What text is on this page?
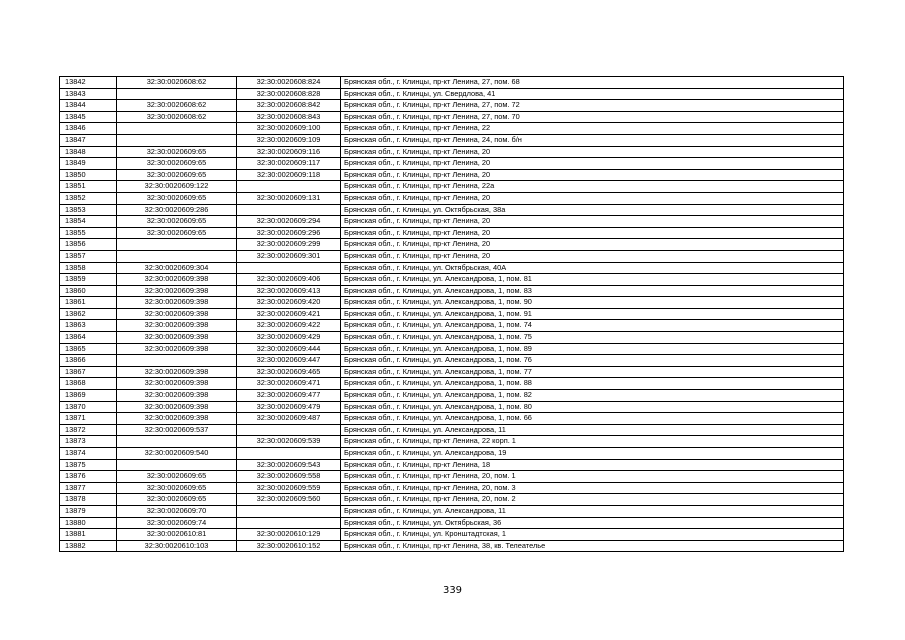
13842	32:30:0020608:62	32:30:0020608:824	Брянская обл., г. Клинцы, пр-кт Ленина, 27, пом. 68
13843		32:30:0020608:828	Брянская обл., г. Клинцы, ул. Свердлова, 41
13844	32:30:0020608:62	32:30:0020608:842	Брянская обл., г. Клинцы, пр-кт Ленина, 27, пом. 72
13845	32:30:0020608:62	32:30:0020608:843	Брянская обл., г. Клинцы, пр-кт Ленина, 27, пом. 70
13846		32:30:0020609:100	Брянская обл., г. Клинцы, пр-кт Ленина, 22
13847		32:30:0020609:109	Брянская обл., г. Клинцы, пр-кт Ленина, 24, пом. б/н
13848	32:30:0020609:65	32:30:0020609:116	Брянская обл., г. Клинцы, пр-кт Ленина, 20
13849	32:30:0020609:65	32:30:0020609:117	Брянская обл., г. Клинцы, пр-кт Ленина, 20
13850	32:30:0020609:65	32:30:0020609:118	Брянская обл., г. Клинцы, пр-кт Ленина, 20
13851	32:30:0020609:122		Брянская обл., г. Клинцы, пр-кт Ленина, 22а
13852	32:30:0020609:65	32:30:0020609:131	Брянская обл., г. Клинцы, пр-кт Ленина, 20
13853	32:30:0020609:286		Брянская обл., г. Клинцы, ул. Октябрьская, 38а
13854	32:30:0020609:65	32:30:0020609:294	Брянская обл., г. Клинцы, пр-кт Ленина, 20
13855	32:30:0020609:65	32:30:0020609:296	Брянская обл., г. Клинцы, пр-кт Ленина, 20
13856		32:30:0020609:299	Брянская обл., г. Клинцы, пр-кт Ленина, 20
13857		32:30:0020609:301	Брянская обл., г. Клинцы, пр-кт Ленина, 20
13858	32:30:0020609:304		Брянская обл., г. Клинцы, ул. Октябрьская, 40А
13859	32:30:0020609:398	32:30:0020609:406	Брянская обл., г. Клинцы, ул. Александрова, 1, пом. 81
13860	32:30:0020609:398	32:30:0020609:413	Брянская обл., г. Клинцы, ул. Александрова, 1, пом. 83
13861	32:30:0020609:398	32:30:0020609:420	Брянская обл., г. Клинцы, ул. Александрова, 1, пом. 90
13862	32:30:0020609:398	32:30:0020609:421	Брянская обл., г. Клинцы, ул. Александрова, 1, пом. 91
13863	32:30:0020609:398	32:30:0020609:422	Брянская обл., г. Клинцы, ул. Александрова, 1, пом. 74
13864	32:30:0020609:398	32:30:0020609:429	Брянская обл., г. Клинцы, ул. Александрова, 1, пом. 75
13865	32:30:0020609:398	32:30:0020609:444	Брянская обл., г. Клинцы, ул. Александрова, 1, пом. 89
13866		32:30:0020609:447	Брянская обл., г. Клинцы, ул. Александрова, 1, пом. 76
13867	32:30:0020609:398	32:30:0020609:465	Брянская обл., г. Клинцы, ул. Александрова, 1, пом. 77
13868	32:30:0020609:398	32:30:0020609:471	Брянская обл., г. Клинцы, ул. Александрова, 1, пом. 88
13869	32:30:0020609:398	32:30:0020609:477	Брянская обл., г. Клинцы, ул. Александрова, 1, пом. 82
13870	32:30:0020609:398	32:30:0020609:479	Брянская обл., г. Клинцы, ул. Александрова, 1, пом. 80
13871	32:30:0020609:398	32:30:0020609:487	Брянская обл., г. Клинцы, ул. Александрова, 1, пом. 66
13872	32:30:0020609:537		Брянская обл., г. Клинцы, ул. Александрова, 11
13873		32:30:0020609:539	Брянская обл., г. Клинцы, пр-кт Ленина, 22 корп. 1
13874	32:30:0020609:540		Брянская обл., г. Клинцы, ул. Александрова, 19
13875		32:30:0020609:543	Брянская обл., г. Клинцы, пр-кт Ленина, 18
13876	32:30:0020609:65	32:30:0020609:558	Брянская обл., г. Клинцы, пр-кт Ленина, 20, пом. 1
13877	32:30:0020609:65	32:30:0020609:559	Брянская обл., г. Клинцы, пр-кт Ленина, 20, пом. 3
13878	32:30:0020609:65	32:30:0020609:560	Брянская обл., г. Клинцы, пр-кт Ленина, 20, пом. 2
13879	32:30:0020609:70		Брянская обл., г. Клинцы, ул. Александрова, 11
13880	32:30:0020609:74		Брянская обл., г. Клинцы, ул. Октябрьская, 36
13881	32:30:0020610:81	32:30:0020610:129	Брянская обл., г. Клинцы, ул. Кронштадтская, 1
13882	32:30:0020610:103	32:30:0020610:152	Брянская обл., г. Клинцы, пр-кт Ленина, 38, кв. Телеателье
339
